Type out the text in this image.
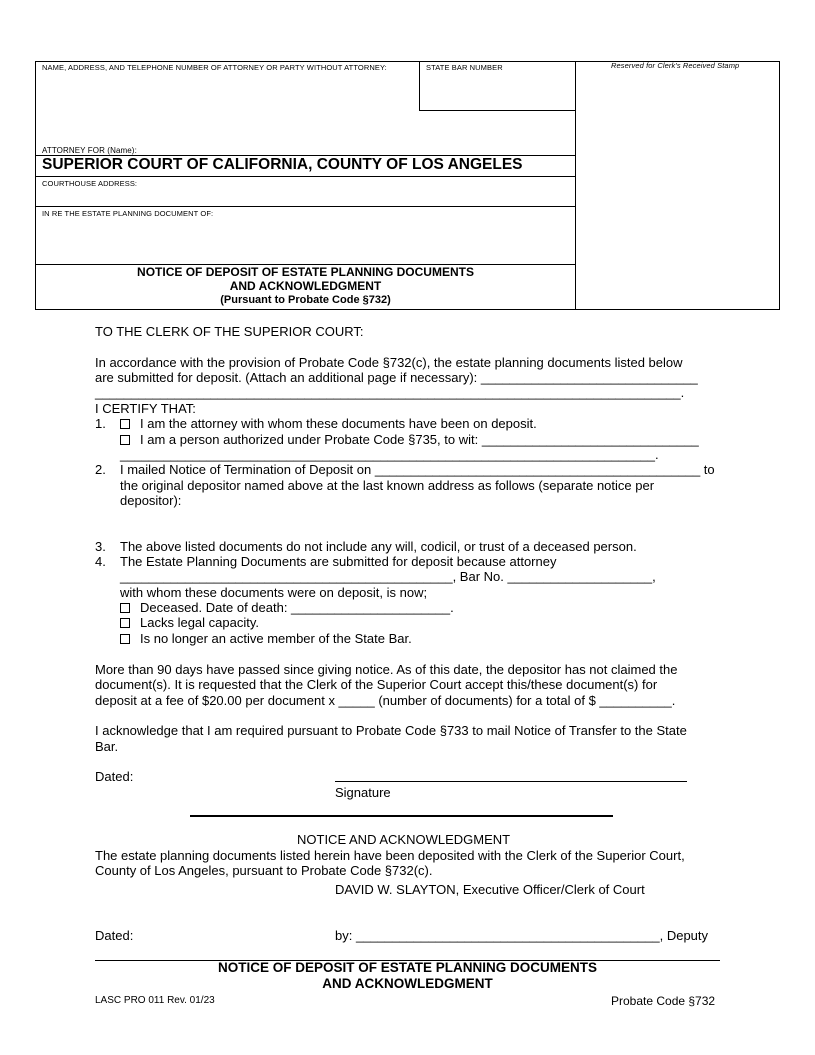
NAME, ADDRESS, AND TELEPHONE NUMBER OF ATTORNEY OR PARTY WITHOUT ATTORNEY:	STATE BAR NUMBER	Reserved for Clerk's Received Stamp
ATTORNEY FOR (Name):
SUPERIOR COURT OF CALIFORNIA, COUNTY OF LOS ANGELES
COURTHOUSE ADDRESS:
IN RE THE ESTATE PLANNING DOCUMENT OF:
NOTICE OF DEPOSIT OF ESTATE PLANNING DOCUMENTS
AND ACKNOWLEDGMENT
(Pursuant to Probate Code §732)
TO THE CLERK OF THE SUPERIOR COURT:
In accordance with the provision of Probate Code §732(c), the estate planning documents listed below
are submitted for deposit. (Attach an additional page if necessary): ______________________________
_________________________________________________________________________________.
I CERTIFY THAT:
1.	I am the attorney with whom these documents have been on deposit.
I am a person authorized under Probate Code §735, to wit: ______________________________
__________________________________________________________________________.
2. I mailed Notice of Termination of Deposit on _____________________________________________ to
the original depositor named above at the last known address as follows (separate notice per
depositor):
3. The above listed documents do not include any will, codicil, or trust of a deceased person.
4. The Estate Planning Documents are submitted for deposit because attorney
______________________________________________, Bar No. ____________________,
with whom these documents were on deposit, is now;
Deceased. Date of death: ______________________.
Lacks legal capacity.
Is no longer an active member of the State Bar.
More than 90 days have passed since giving notice. As of this date, the depositor has not claimed the
document(s). It is requested that the Clerk of the Superior Court accept this/these document(s) for
deposit at a fee of $20.00 per document x _____ (number of documents) for a total of $ __________.
I acknowledge that I am required pursuant to Probate Code §733 to mail Notice of Transfer to the State
Bar.
Dated:
Signature
NOTICE AND ACKNOWLEDGMENT
The estate planning documents listed herein have been deposited with the Clerk of the Superior Court,
County of Los Angeles, pursuant to Probate Code §732(c).
DAVID W. SLAYTON, Executive Officer/Clerk of Court
Dated:	by: __________________________________________, Deputy
NOTICE OF DEPOSIT OF ESTATE PLANNING DOCUMENTS
AND ACKNOWLEDGMENT
LASC PRO 011 Rev. 01/23	Probate Code §732
